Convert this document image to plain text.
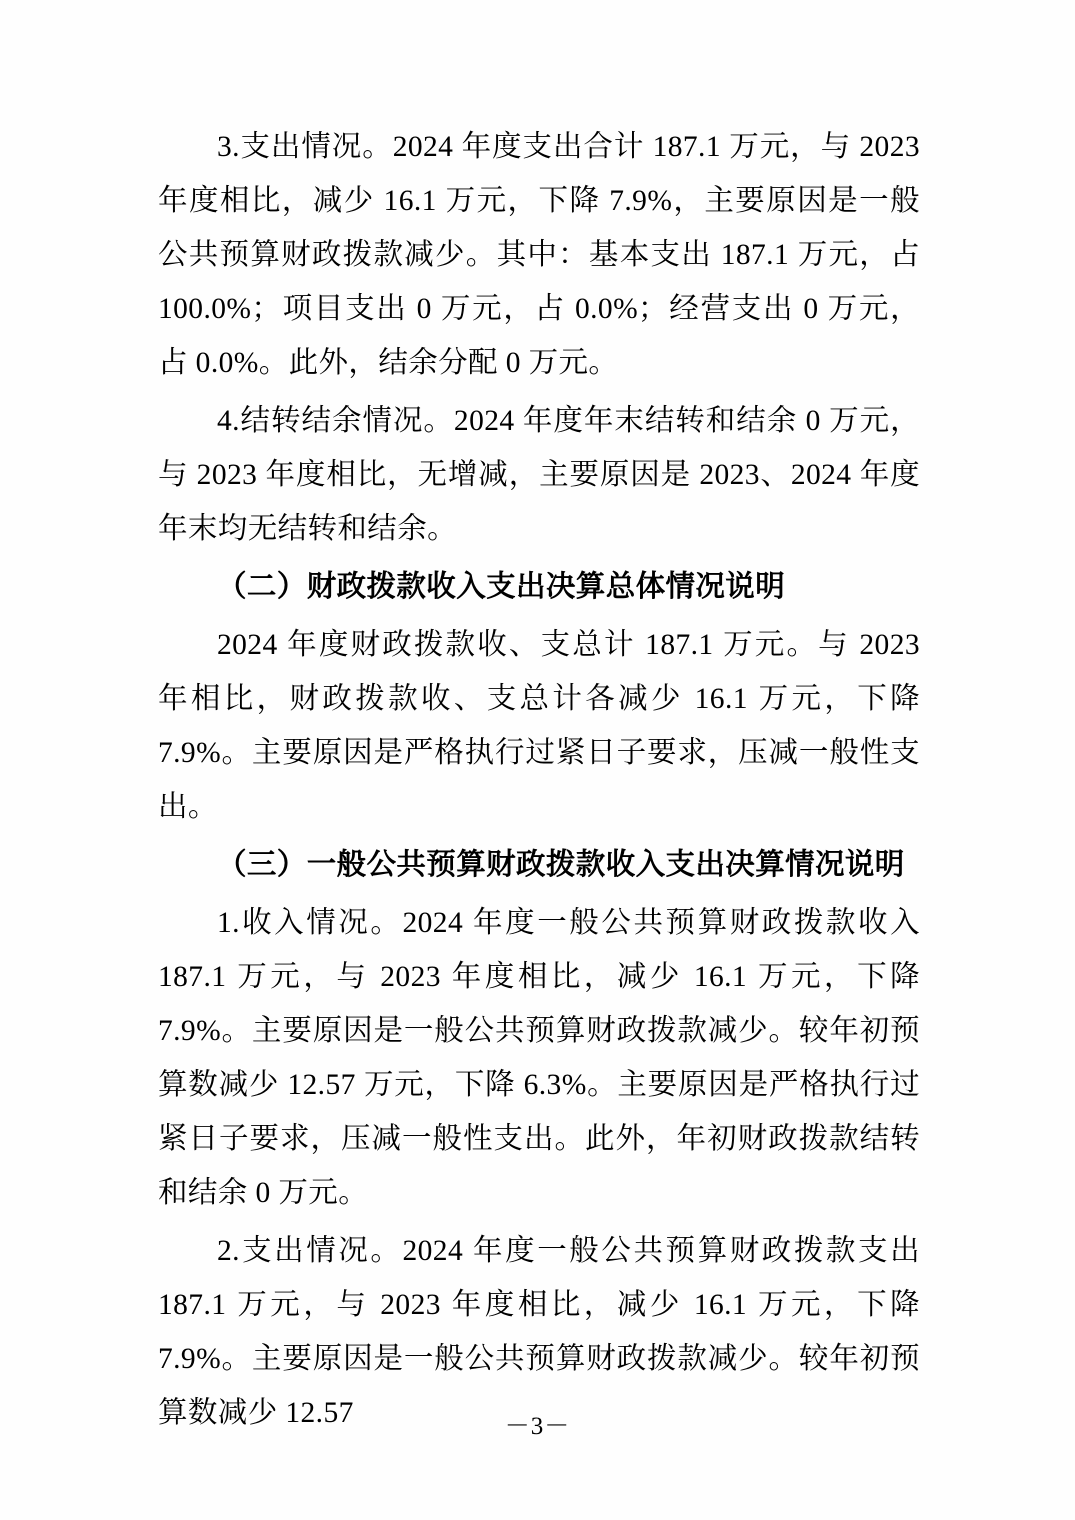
3.支出情况。2024 年度支出合计 187.1 万元，与 2023 年度相比，减少 16.1 万元，下降 7.9%，主要原因是一般公共预算财政拨款减少。其中：基本支出 187.1 万元，占 100.0%；项目支出 0 万元，占 0.0%；经营支出 0 万元，占 0.0%。此外，结余分配 0 万元。

4.结转结余情况。2024 年度年末结转和结余 0 万元，与 2023 年度相比，无增减，主要原因是 2023、2024 年度年末均无结转和结余。

（二）财政拨款收入支出决算总体情况说明

2024 年度财政拨款收、支总计 187.1 万元。与 2023 年相比，财政拨款收、支总计各减少 16.1 万元，下降 7.9%。主要原因是严格执行过紧日子要求，压减一般性支出。

（三）一般公共预算财政拨款收入支出决算情况说明

1.收入情况。2024 年度一般公共预算财政拨款收入 187.1 万元，与 2023 年度相比，减少 16.1 万元，下降 7.9%。主要原因是一般公共预算财政拨款减少。较年初预算数减少 12.57 万元，下降 6.3%。主要原因是严格执行过紧日子要求，压减一般性支出。此外，年初财政拨款结转和结余 0 万元。

2.支出情况。2024 年度一般公共预算财政拨款支出 187.1 万元，与 2023 年度相比，减少 16.1 万元，下降 7.9%。主要原因是一般公共预算财政拨款减少。较年初预算数减少 12.57	－3－
